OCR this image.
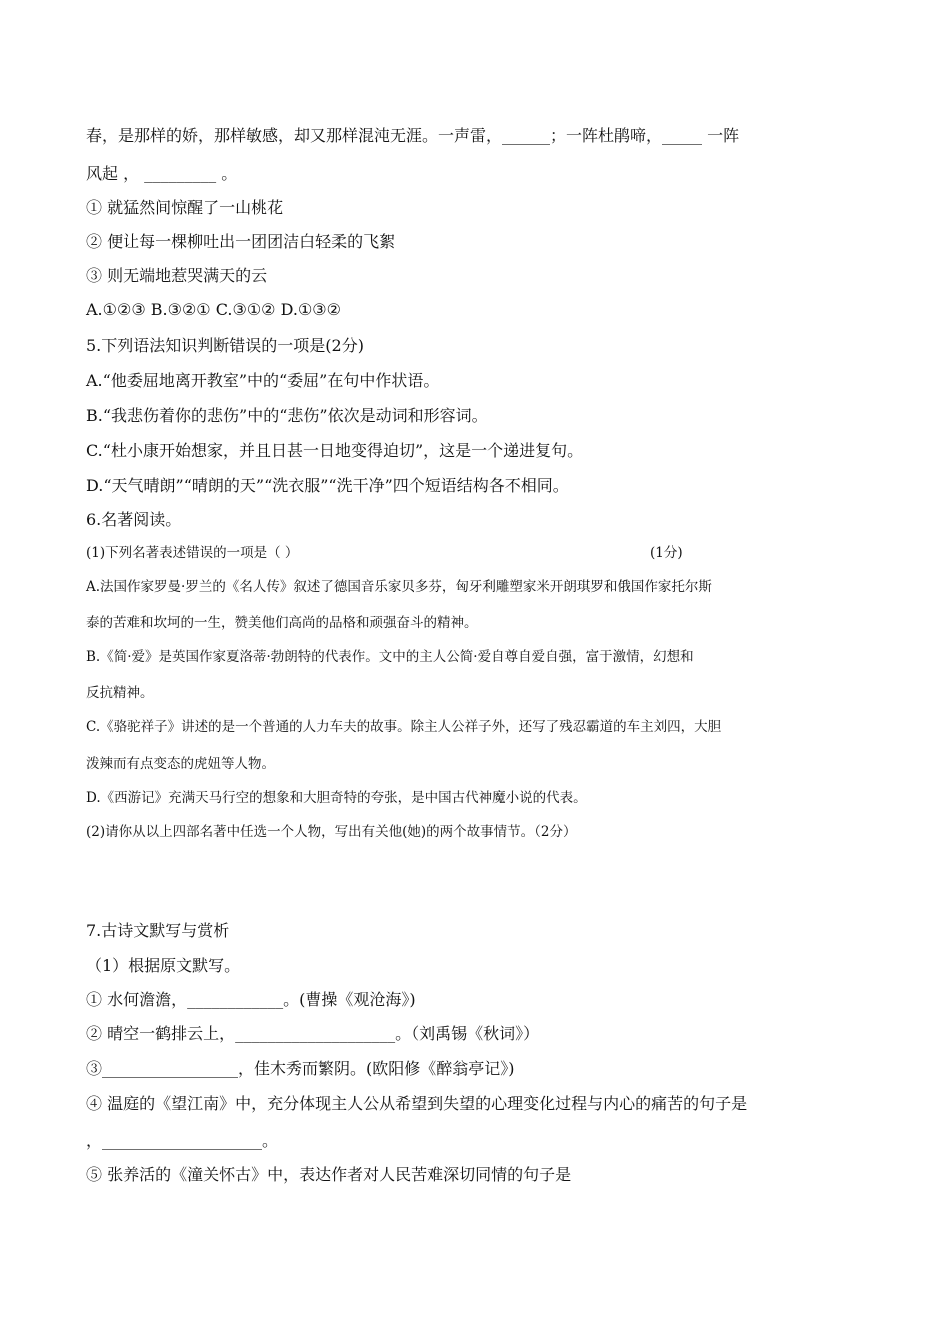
春，是那样的娇，那样敏感，却又那样混沌无涯。一声雷，______；一阵杜鹃啼，_____ 一阵
风起 ， _________ 。
① 就猛然间惊醒了一山桃花
② 便让每一棵柳吐出一团团洁白轻柔的飞絮
③ 则无端地惹哭满天的云
A.①②③ B.③②① C.③①② D.①③②
5.下列语法知识判断错误的一项是(2分)
A.“他委屈地离开教室”中的“委屈”在句中作状语。
B.“我悲伤着你的悲伤”中的“悲伤”依次是动词和形容词。
C.“杜小康开始想家，并且日甚一日地变得迫切”，这是一个递进复句。
D.“天气晴朗”“晴朗的天”“洗衣服”“洗干净”四个短语结构各不相同。
6.名著阅读。
(1)下列名著表述错误的一项是（ ）	(1分)
A.法国作家罗曼·罗兰的《名人传》叙述了德国音乐家贝多芬，匈牙利雕塑家米开朗琪罗和俄国作家托尔斯
泰的苦难和坎坷的一生，赞美他们高尚的品格和顽强奋斗的精神。
B.《简·爱》是英国作家夏洛蒂·勃朗特的代表作。文中的主人公简·爱自尊自爱自强，富于激情，幻想和
反抗精神。
C.《骆驼祥子》讲述的是一个普通的人力车夫的故事。除主人公祥子外，还写了残忍霸道的车主刘四，大胆
泼辣而有点变态的虎妞等人物。
D.《西游记》充满天马行空的想象和大胆奇特的夸张，是中国古代神魔小说的代表。
(2)请你从以上四部名著中任选一个人物，写出有关他(她)的两个故事情节。（2分）
7.古诗文默写与赏析
（1）根据原文默写。
① 水何澹澹，____________。(曹操《观沧海》)
② 晴空一鹤排云上，____________________。（刘禹锡《秋词》）
③_________________，佳木秀而繁阴。(欧阳修《醉翁亭记》)
④ 温庭的《望江南》中，充分体现主人公从希望到失望的心理变化过程与内心的痛苦的句子是
，____________________。
⑤ 张养活的《潼关怀古》中，表达作者对人民苦难深切同情的句子是
